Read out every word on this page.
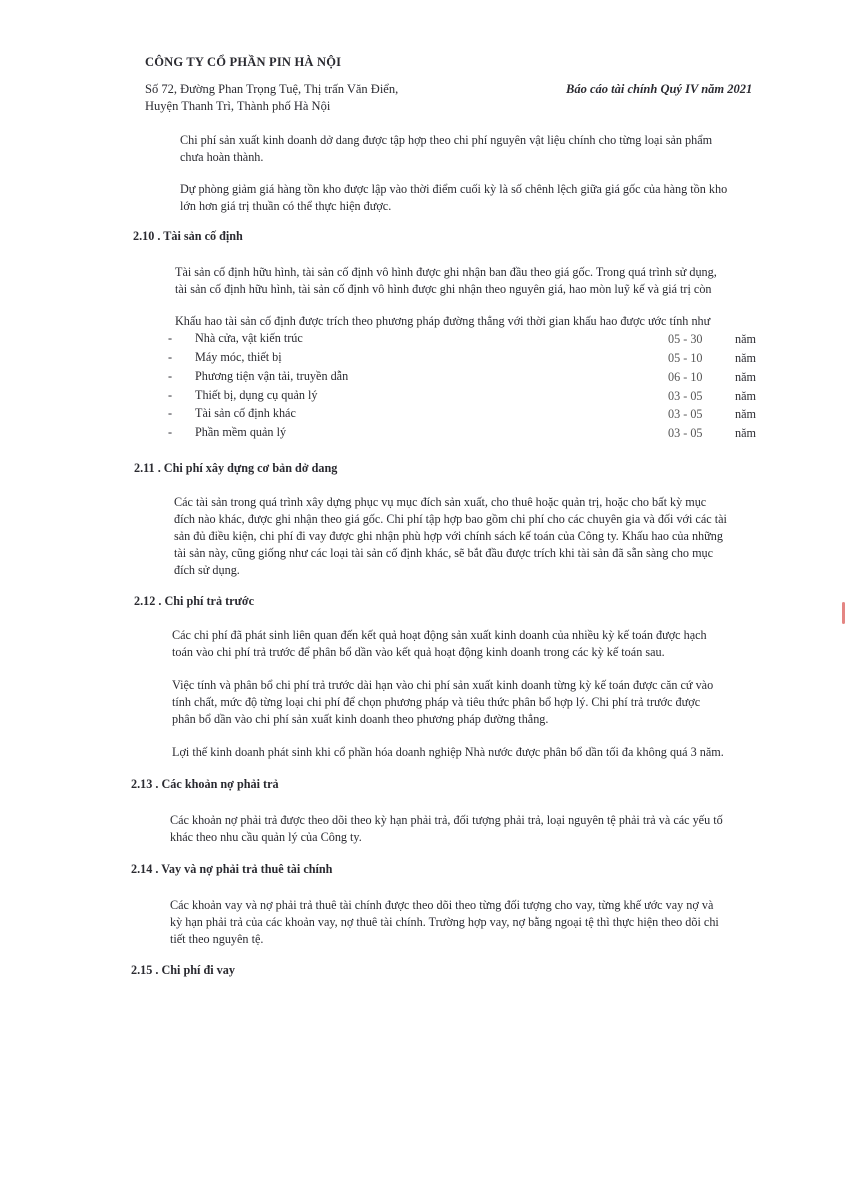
CÔNG TY CỔ PHẦN PIN HÀ NỘI
Số 72, Đường Phan Trọng Tuệ, Thị trấn Văn Điển,
Huyện Thanh Trì, Thành phố Hà Nội
Báo cáo tài chính Quý IV năm 2021
Chi phí sản xuất kinh doanh dở dang được tập hợp theo chi phí nguyên vật liệu chính cho từng loại sản phẩm
chưa hoàn thành.
Dự phòng giảm giá hàng tồn kho được lập vào thời điểm cuối kỳ là số chênh lệch giữa giá gốc của hàng tồn kho
lớn hơn giá trị thuần có thể thực hiện được.
2.10 . Tài sản cố định
Tài sản cố định hữu hình, tài sản cố định vô hình được ghi nhận ban đầu theo giá gốc. Trong quá trình sử dụng,
tài sản cố định hữu hình, tài sản cố định vô hình được ghi nhận theo nguyên giá, hao mòn luỹ kế và giá trị còn
Khấu hao tài sản cố định được trích theo phương pháp đường thẳng với thời gian khấu hao được ước tính như
- Nhà cửa, vật kiến trúc	05 - 30	năm
- Máy móc, thiết bị	05 - 10	năm
- Phương tiện vận tải, truyền dẫn	06 - 10	năm
- Thiết bị, dụng cụ quản lý	03 - 05	năm
- Tài sản cố định khác	03 - 05	năm
- Phần mềm quản lý	03 - 05	năm
2.11 . Chi phí xây dựng cơ bản dở dang
Các tài sản trong quá trình xây dựng phục vụ mục đích sản xuất, cho thuê hoặc quản trị, hoặc cho bất kỳ mục
đích nào khác, được ghi nhận theo giá gốc. Chi phí tập hợp bao gồm chi phí cho các chuyên gia và đối với các tài
sản đủ điều kiện, chi phí đi vay được ghi nhận phù hợp với chính sách kế toán của Công ty. Khấu hao của những
tài sản này, cũng giống như các loại tài sản cố định khác, sẽ bắt đầu được trích khi tài sản đã sẵn sàng cho mục
đích sử dụng.
2.12 . Chi phí trả trước
Các chi phí đã phát sinh liên quan đến kết quả hoạt động sản xuất kinh doanh của nhiều kỳ kế toán được hạch
toán vào chi phí trả trước để phân bổ dần vào kết quả hoạt động kinh doanh trong các kỳ kế toán sau.
Việc tính và phân bổ chi phí trả trước dài hạn vào chi phí sản xuất kinh doanh từng kỳ kế toán được căn cứ vào
tính chất, mức độ từng loại chi phí để chọn phương pháp và tiêu thức phân bổ hợp lý. Chi phí trả trước được
phân bổ dần vào chi phí sản xuất kinh doanh theo phương pháp đường thẳng.
Lợi thế kinh doanh phát sinh khi cổ phần hóa doanh nghiệp Nhà nước được phân bổ dần tối đa không quá 3 năm.
2.13 . Các khoản nợ phải trả
Các khoản nợ phải trả được theo dõi theo kỳ hạn phải trả, đối tượng phải trả, loại nguyên tệ phải trả và các yếu tố
khác theo nhu cầu quản lý của Công ty.
2.14 . Vay và nợ phải trả thuê tài chính
Các khoản vay và nợ phải trả thuê tài chính được theo dõi theo từng đối tượng cho vay, từng khế ước vay nợ và
kỳ hạn phải trả của các khoản vay, nợ thuê tài chính. Trường hợp vay, nợ bằng ngoại tệ thì thực hiện theo dõi chi
tiết theo nguyên tệ.
2.15 . Chi phí đi vay
